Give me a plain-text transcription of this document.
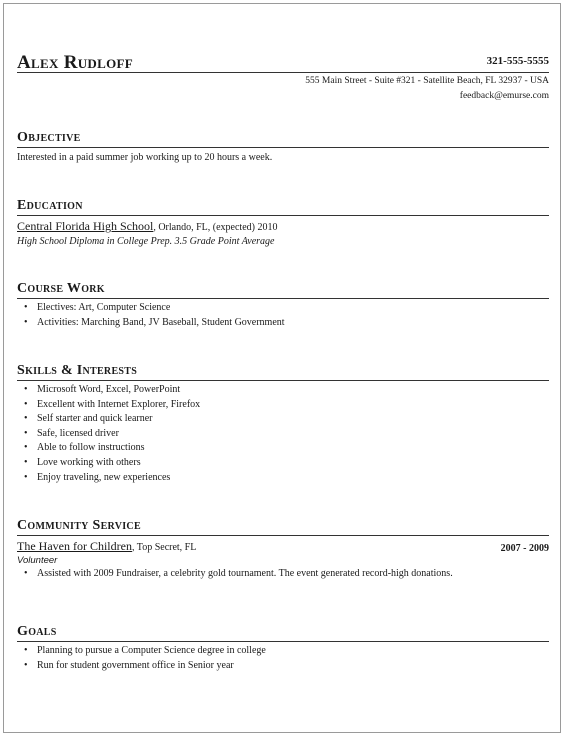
Alex Rudloff	321-555-5555
555 Main Street - Suite #321 - Satellite Beach, FL 32937 - USA
feedback@emurse.com
Objective
Interested in a paid summer job working up to 20 hours a week.
Education
Central Florida High School, Orlando, FL, (expected) 2010
High School Diploma in College Prep. 3.5 Grade Point Average
Course Work
• Electives: Art, Computer Science
• Activities: Marching Band, JV Baseball, Student Government
Skills & Interests
• Microsoft Word, Excel, PowerPoint
• Excellent with Internet Explorer, Firefox
• Self starter and quick learner
• Safe, licensed driver
• Able to follow instructions
• Love working with others
• Enjoy traveling, new experiences
Community Service
The Haven for Children, Top Secret, FL	2007 - 2009
Volunteer
• Assisted with 2009 Fundraiser, a celebrity gold tournament. The event generated record-high donations.
Goals
• Planning to pursue a Computer Science degree in college
• Run for student government office in Senior year
